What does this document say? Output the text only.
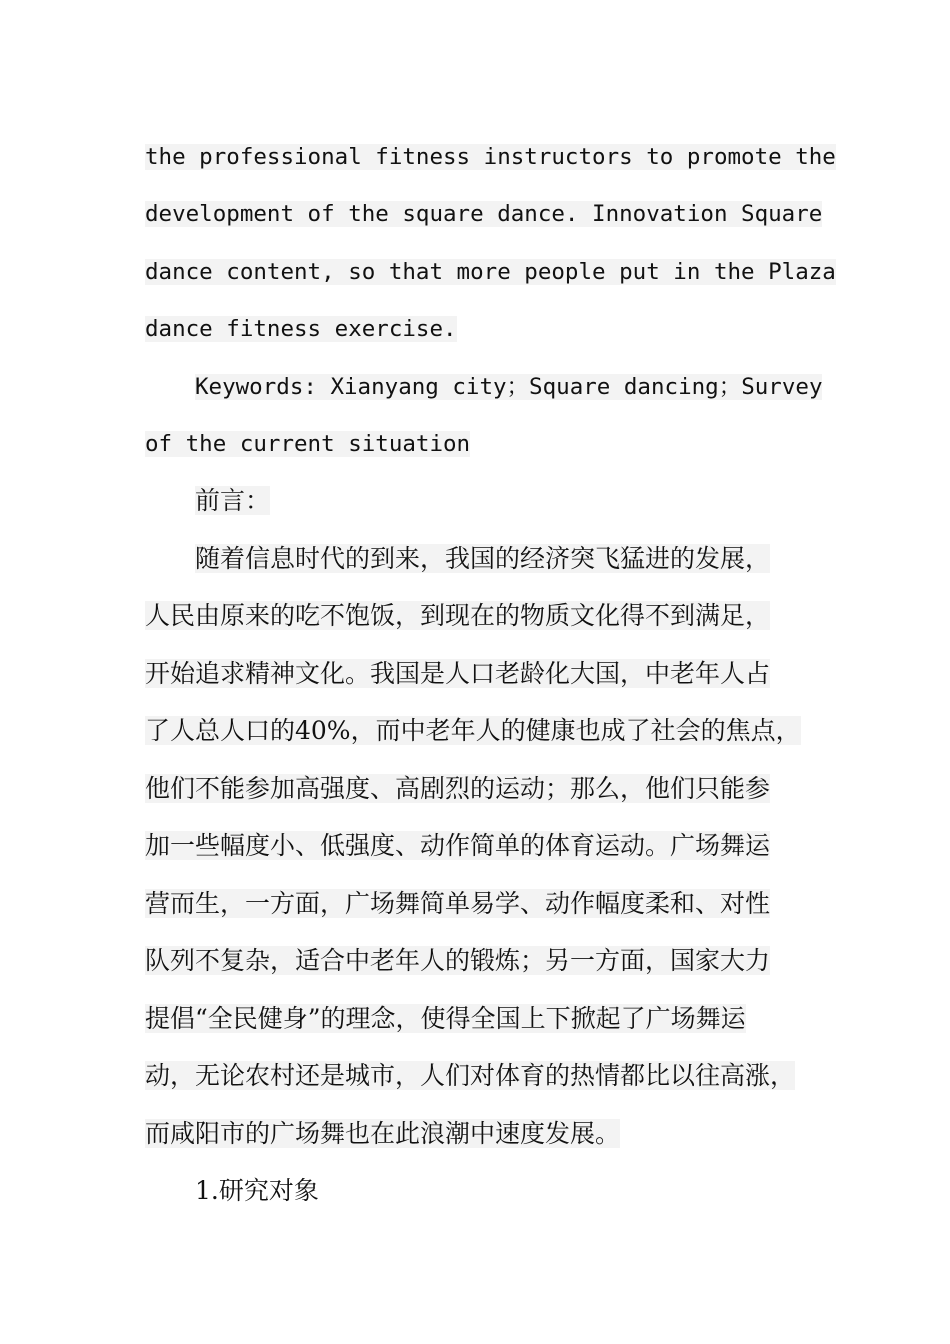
the professional fitness instructors to promote the
development of the square dance. Innovation Square
dance content, so that more people put in the Plaza
dance fitness exercise.
Keywords: Xianyang city；Square dancing；Survey
of the current situation
前言：
随着信息时代的到来，我国的经济突飞猛进的发展，
人民由原来的吃不饱饭，到现在的物质文化得不到满足，
开始追求精神文化。我国是人口老龄化大国，中老年人占
了人总人口的40%，而中老年人的健康也成了社会的焦点，
他们不能参加高强度、高剧烈的运动；那么，他们只能参
加一些幅度小、低强度、动作简单的体育运动。广场舞运
营而生，一方面，广场舞简单易学、动作幅度柔和、对性
队列不复杂，适合中老年人的锻炼；另一方面，国家大力
提倡“全民健身”的理念，使得全国上下掀起了广场舞运
动，无论农村还是城市，人们对体育的热情都比以往高涨，
而咸阳市的广场舞也在此浪潮中速度发展。
1.研究对象
